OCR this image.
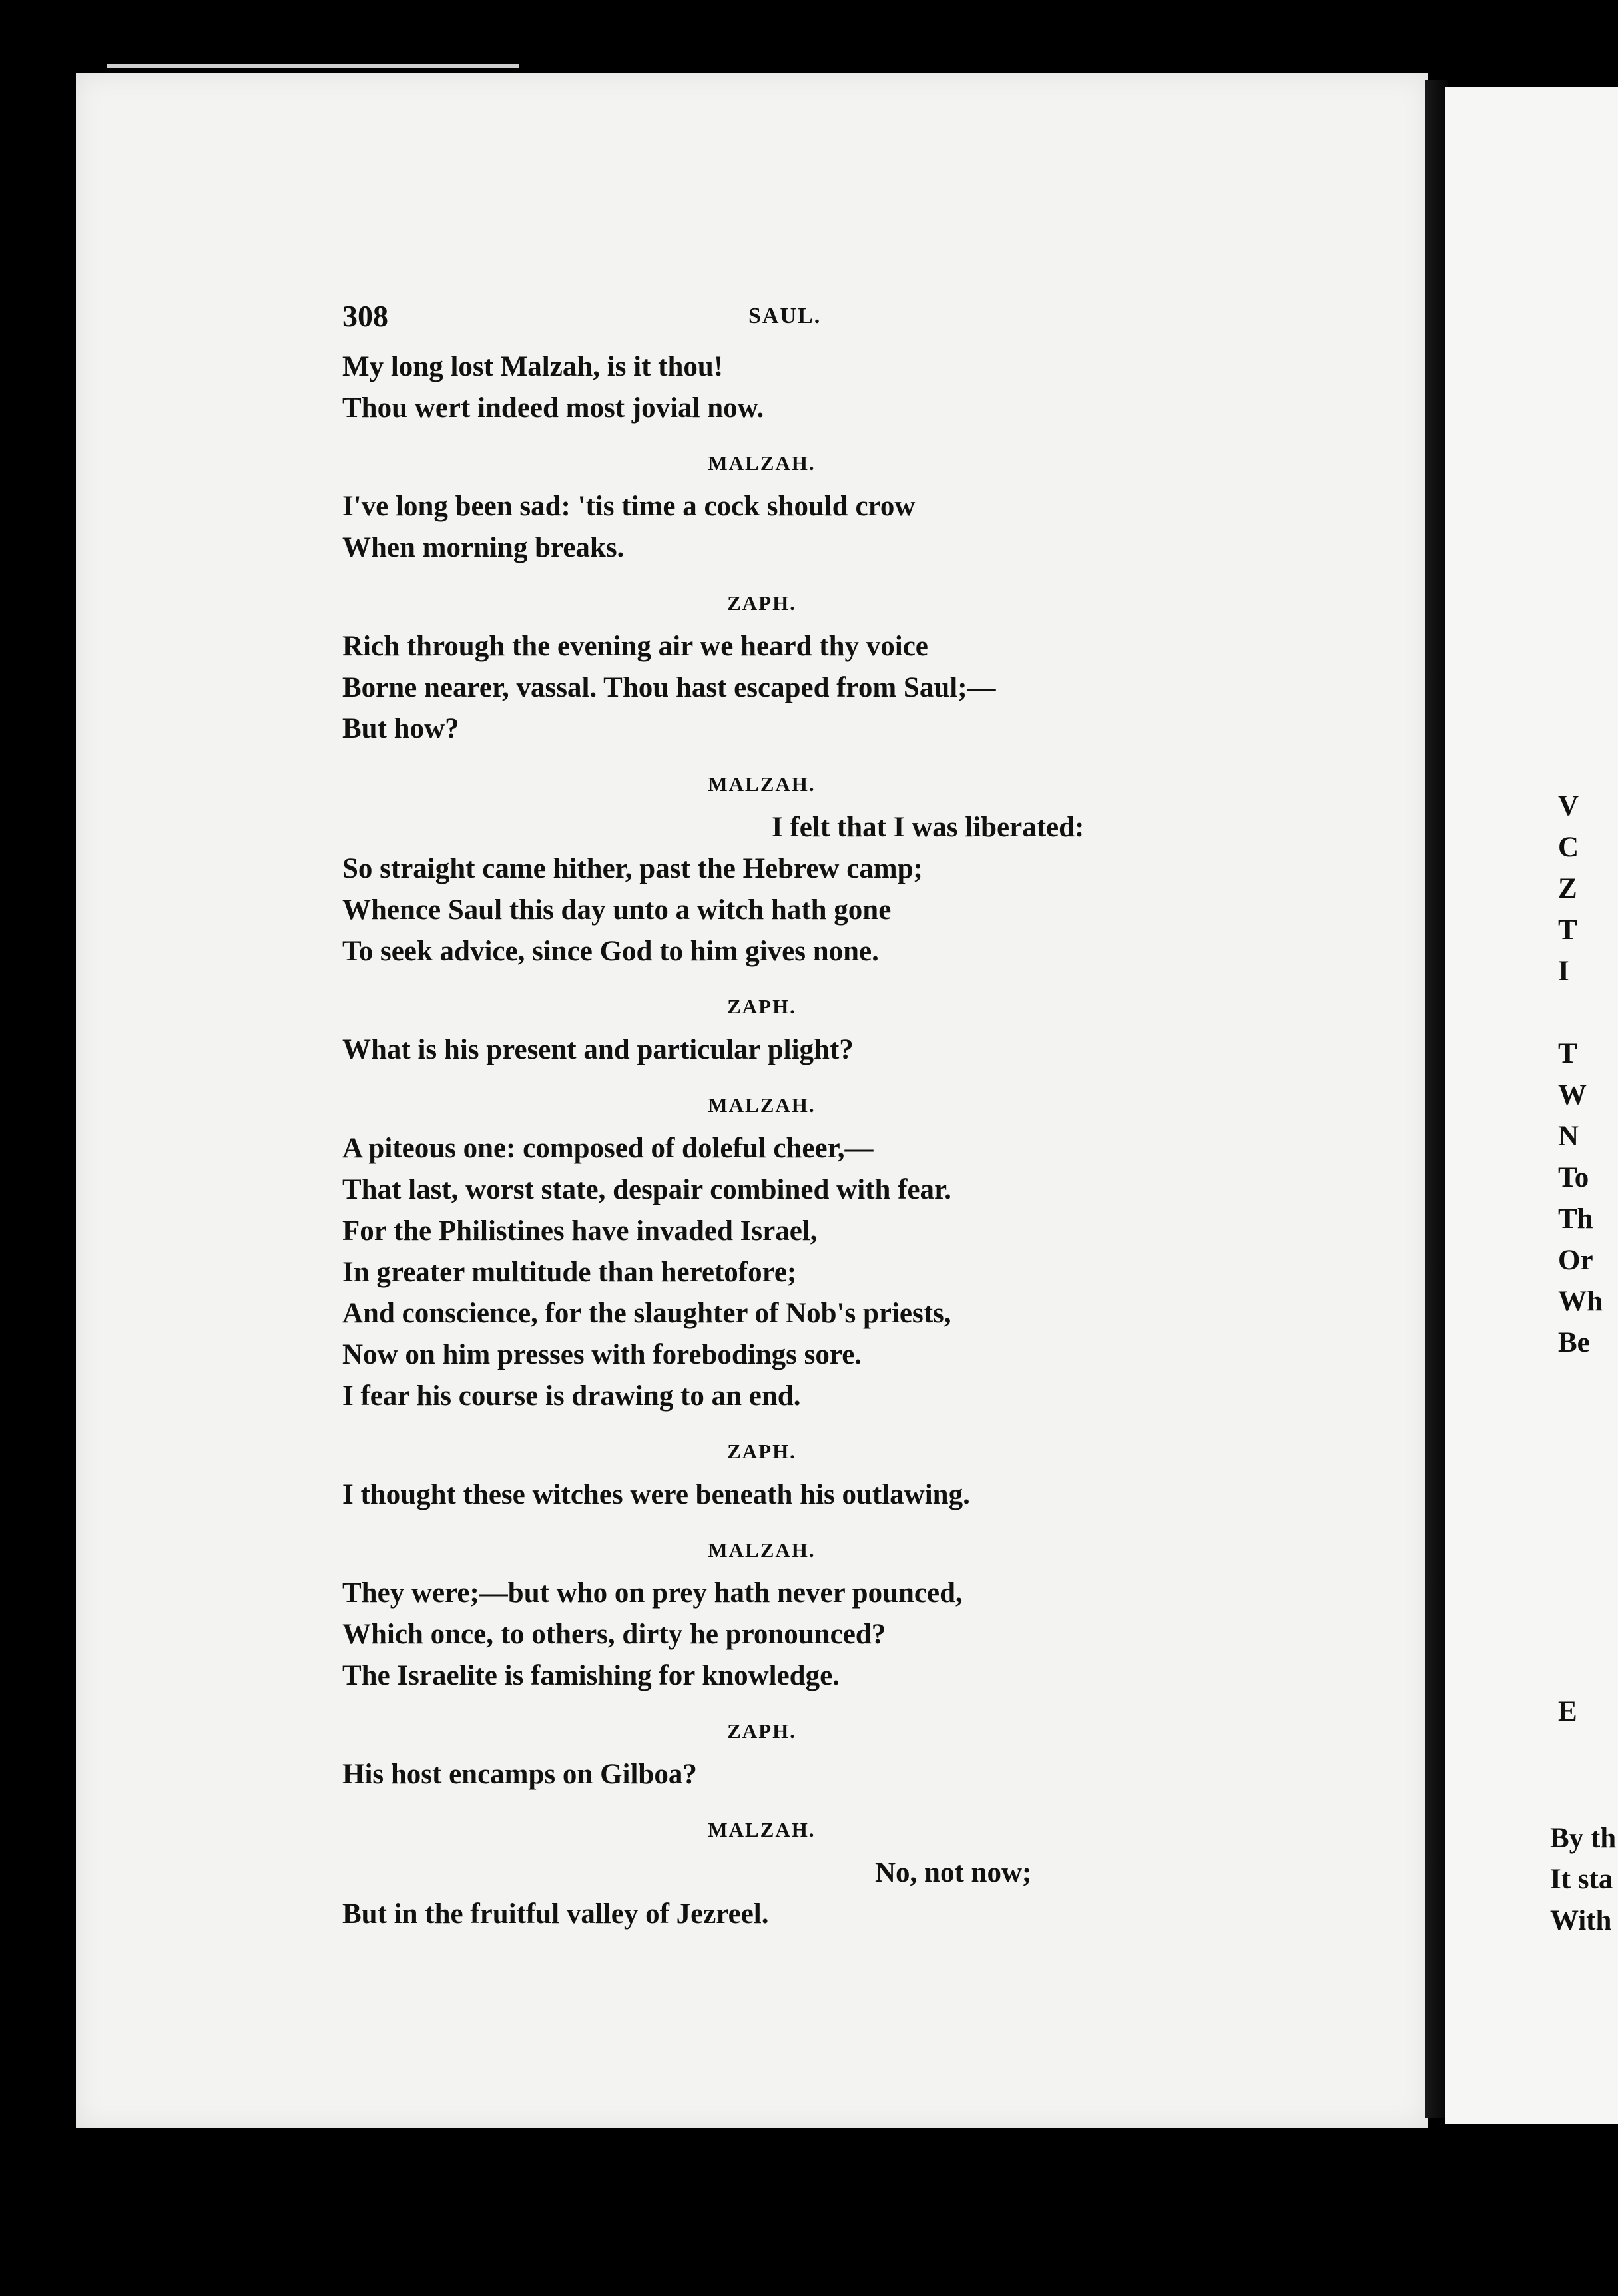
308	SAUL.
My long lost Malzah, is it thou!
Thou wert indeed most jovial now.
MALZAH.
I've long been sad: 'tis time a cock should crow
When morning breaks.
ZAPH.
Rich through the evening air we heard thy voice
Borne nearer, vassal. Thou hast escaped from Saul;—
But how?
MALZAH.
I felt that I was liberated:
So straight came hither, past the Hebrew camp;
Whence Saul this day unto a witch hath gone
To seek advice, since God to him gives none.
ZAPH.
What is his present and particular plight?
MALZAH.
A piteous one: composed of doleful cheer,—
That last, worst state, despair combined with fear.
For the Philistines have invaded Israel,
In greater multitude than heretofore;
And conscience, for the slaughter of Nob's priests,
Now on him presses with forebodings sore.
I fear his course is drawing to an end.
ZAPH.
I thought these witches were beneath his outlawing.
MALZAH.
They were;—but who on prey hath never pounced,
Which once, to others, dirty he pronounced?
The Israelite is famishing for knowledge.
ZAPH.
His host encamps on Gilboa?
MALZAH.
No, not now;
But in the fruitful valley of Jezreel.
V
C
Z
T
I
T
W
N
To
Th
Or
Wh
Be
E
By th
It sta
With
